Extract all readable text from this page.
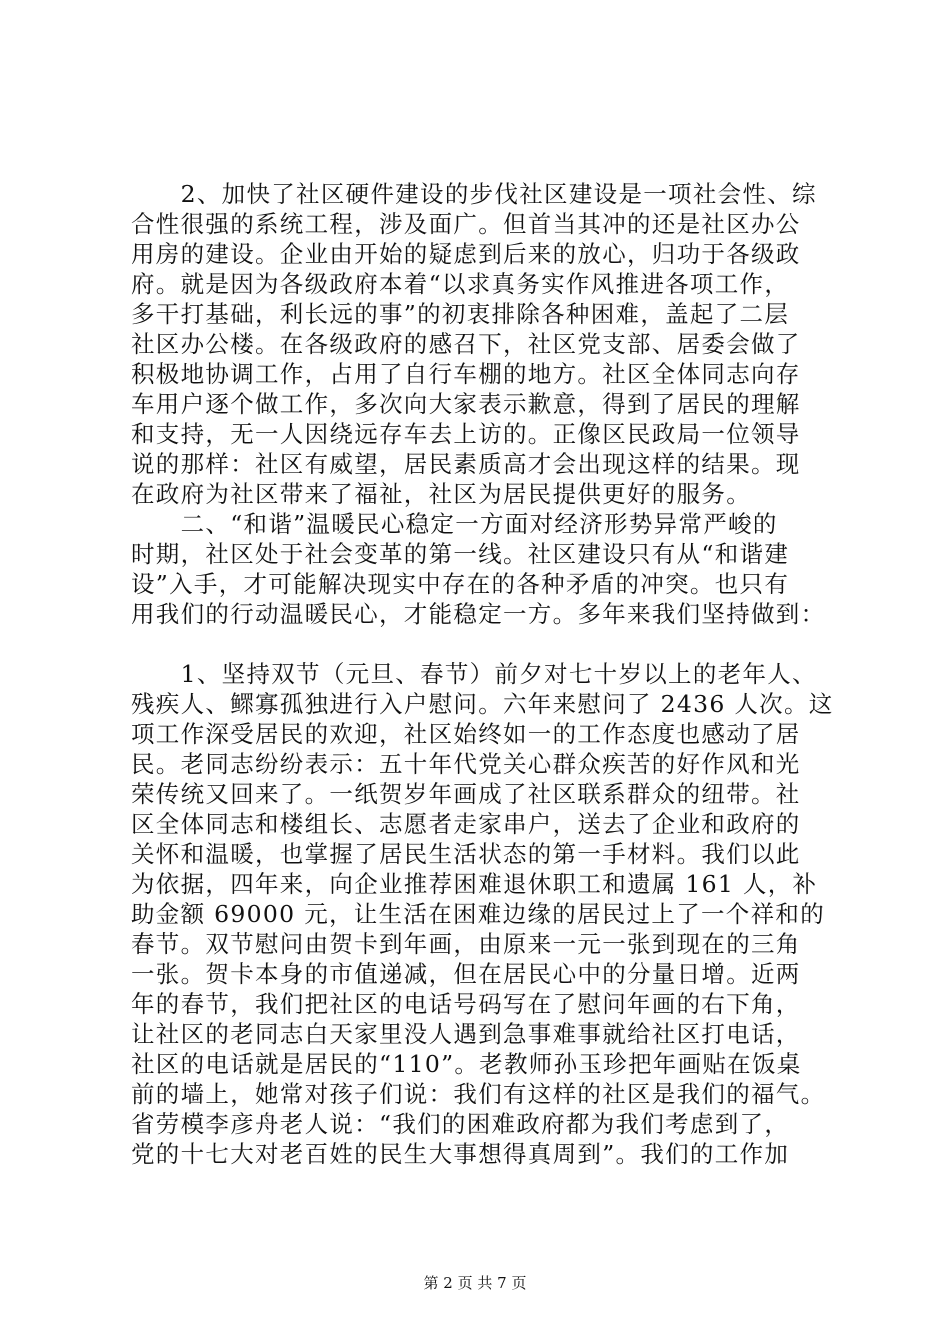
　　2、加快了社区硬件建设的步伐社区建设是一项社会性、综

合性很强的系统工程，涉及面广。但首当其冲的还是社区办公

用房的建设。企业由开始的疑虑到后来的放心，归功于各级政

府。就是因为各级政府本着“以求真务实作风推进各项工作，

多干打基础，利长远的事”的初衷排除各种困难，盖起了二层

社区办公楼。在各级政府的感召下，社区党支部、居委会做了

积极地协调工作，占用了自行车棚的地方。社区全体同志向存

车用户逐个做工作，多次向大家表示歉意，得到了居民的理解

和支持，无一人因绕远存车去上访的。正像区民政局一位领导

说的那样：社区有威望，居民素质高才会出现这样的结果。现

在政府为社区带来了福祉，社区为居民提供更好的服务。

　　二、“和谐”温暖民心稳定一方面对经济形势异常严峻的

时期，社区处于社会变革的第一线。社区建设只有从“和谐建

设”入手，才可能解决现实中存在的各种矛盾的冲突。也只有

用我们的行动温暖民心，才能稳定一方。多年来我们坚持做到：

　　1、坚持双节（元旦、春节）前夕对七十岁以上的老年人、

残疾人、鳏寡孤独进行入户慰问。六年来慰问了 2436 人次。这

项工作深受居民的欢迎，社区始终如一的工作态度也感动了居

民。老同志纷纷表示：五十年代党关心群众疾苦的好作风和光

荣传统又回来了。一纸贺岁年画成了社区联系群众的纽带。社

区全体同志和楼组长、志愿者走家串户，送去了企业和政府的

关怀和温暖，也掌握了居民生活状态的第一手材料。我们以此

为依据，四年来，向企业推荐困难退休职工和遗属 161 人，补

助金额 69000 元，让生活在困难边缘的居民过上了一个祥和的

春节。双节慰问由贺卡到年画，由原来一元一张到现在的三角

一张。贺卡本身的市值递减，但在居民心中的分量日增。近两

年的春节，我们把社区的电话号码写在了慰问年画的右下角，

让社区的老同志白天家里没人遇到急事难事就给社区打电话，

社区的电话就是居民的“110”。老教师孙玉珍把年画贴在饭桌

前的墙上，她常对孩子们说：我们有这样的社区是我们的福气。

省劳模李彦舟老人说：“我们的困难政府都为我们考虑到了，

党的十七大对老百姓的民生大事想得真周到”。我们的工作加

第 2 页 共 7 页
